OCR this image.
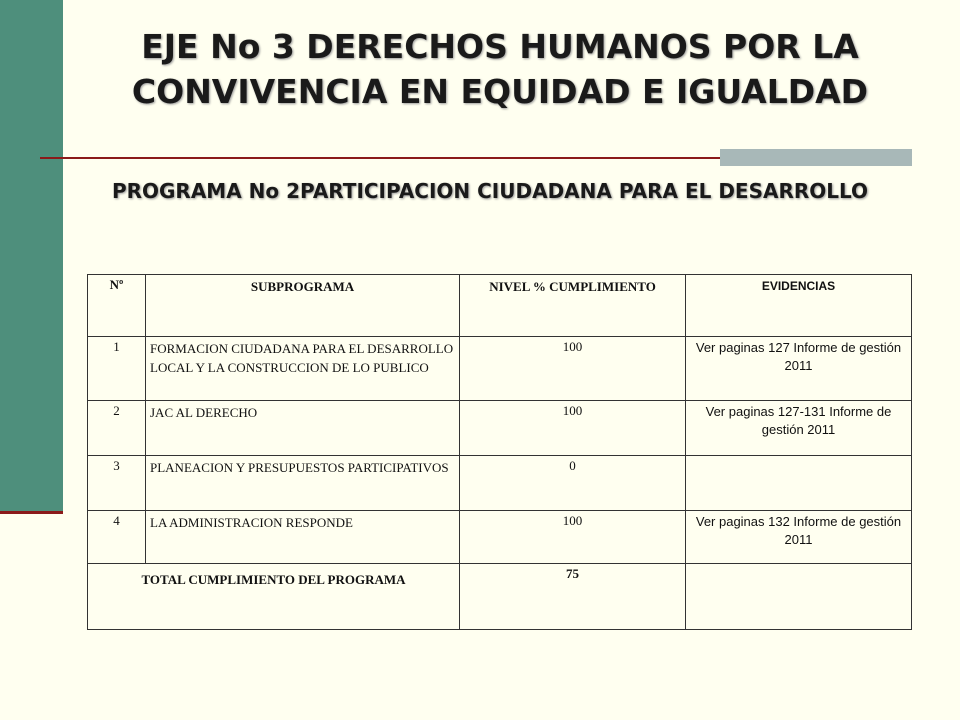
EJE No 3 DERECHOS HUMANOS POR LA CONVIVENCIA EN EQUIDAD E IGUALDAD
PROGRAMA No 2PARTICIPACION CIUDADANA PARA EL DESARROLLO
Nº	SUBPROGRAMA	NIVEL % CUMPLIMIENTO	EVIDENCIAS
1	FORMACION CIUDADANA PARA EL DESARROLLO LOCAL Y LA CONSTRUCCION DE LO PUBLICO	100	Ver paginas 127 Informe de gestión 2011
2	JAC AL DERECHO	100	Ver paginas 127-131 Informe de gestión 2011
3	PLANEACION Y PRESUPUESTOS PARTICIPATIVOS	0	
4	LA ADMINISTRACION RESPONDE	100	Ver paginas 132 Informe de gestión 2011
TOTAL CUMPLIMIENTO DEL PROGRAMA		75	
